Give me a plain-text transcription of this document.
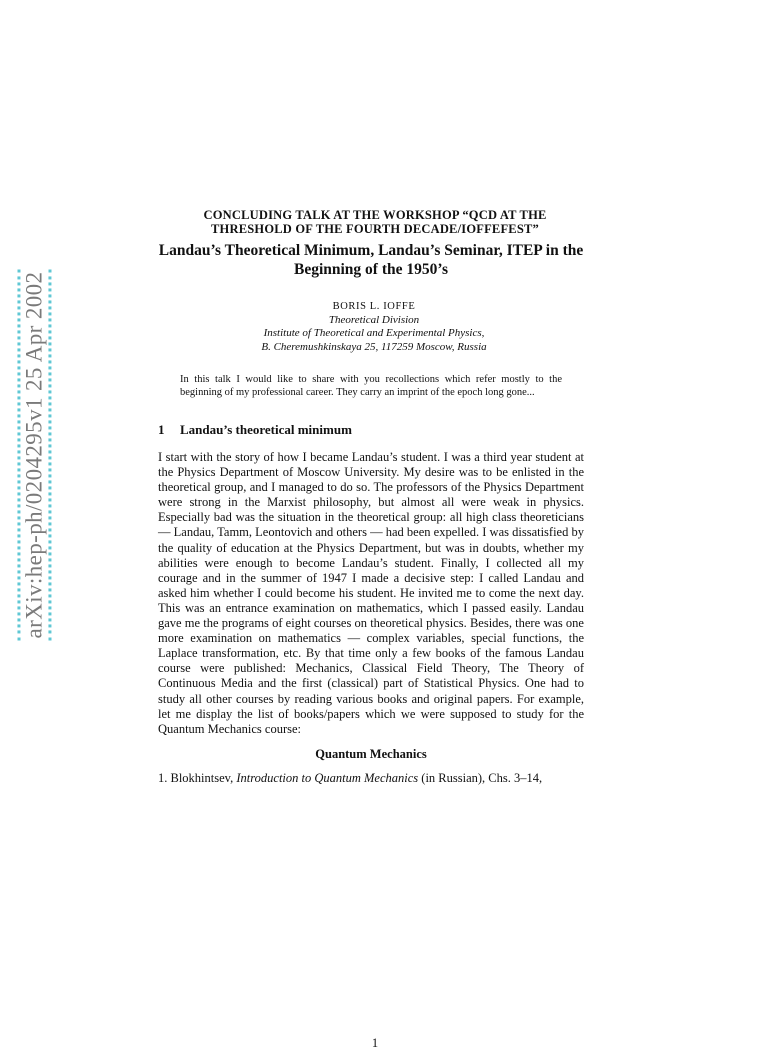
arXiv:hep-ph/0204295v1 25 Apr 2002
CONCLUDING TALK AT THE WORKSHOP “QCD AT THE THRESHOLD OF THE FOURTH DECADE/IOFFEFEST”
Landau’s Theoretical Minimum, Landau’s Seminar, ITEP in the Beginning of the 1950’s
BORIS L. IOFFE
Theoretical Division
Institute of Theoretical and Experimental Physics,
B. Cheremushkinskaya 25, 117259 Moscow, Russia
In this talk I would like to share with you recollections which refer mostly to the beginning of my professional career. They carry an imprint of the epoch long gone...
1	Landau’s theoretical minimum
I start with the story of how I became Landau’s student. I was a third year student at the Physics Department of Moscow University. My desire was to be enlisted in the theoretical group, and I managed to do so. The professors of the Physics Department were strong in the Marxist philosophy, but almost all were weak in physics. Especially bad was the situation in the theoretical group: all high class theoreticians — Landau, Tamm, Leontovich and others — had been expelled. I was dissatisfied by the quality of education at the Physics Department, but was in doubts, whether my abilities were enough to become Landau’s student. Finally, I collected all my courage and in the summer of 1947 I made a decisive step: I called Landau and asked him whether I could become his student. He invited me to come the next day. This was an entrance examination on mathematics, which I passed easily. Landau gave me the programs of eight courses on theoretical physics. Besides, there was one more examination on mathematics — complex variables, special functions, the Laplace transformation, etc. By that time only a few books of the famous Landau course were published: Mechanics, Classical Field Theory, The Theory of Continuous Media and the first (classical) part of Statistical Physics. One had to study all other courses by reading various books and original papers. For example, let me display the list of books/papers which we were supposed to study for the Quantum Mechanics course:
Quantum Mechanics
1. Blokhintsev, Introduction to Quantum Mechanics (in Russian), Chs. 3–14,
1
